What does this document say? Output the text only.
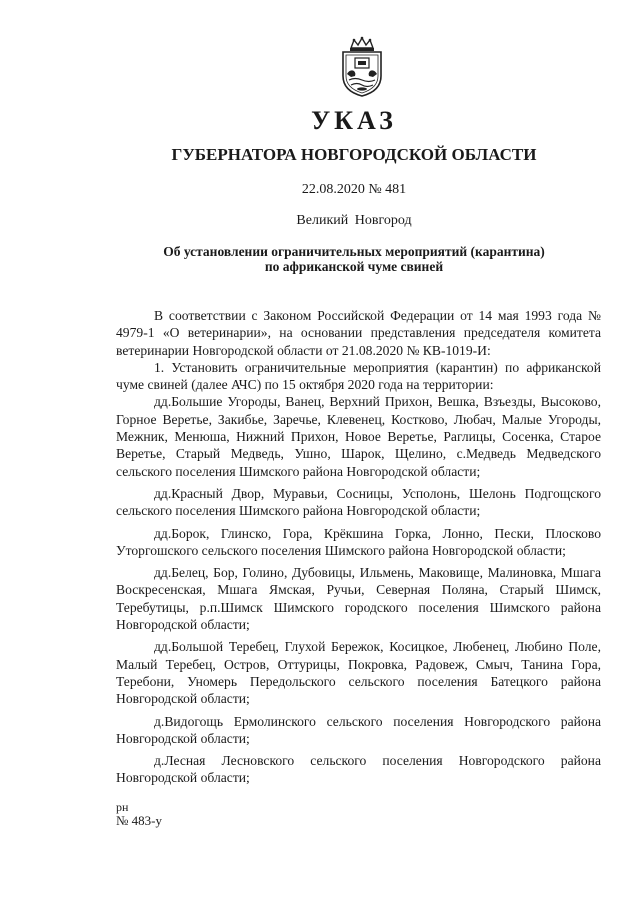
УКАЗ
ГУБЕРНАТОРА НОВГОРОДСКОЙ ОБЛАСТИ
22.08.2020 № 481
Великий Новгород
Об установлении ограничительных мероприятий (карантина)
по африканской чуме свиней

В соответствии с Законом Российской Федерации от 14 мая 1993 года № 4979-1 «О ветеринарии», на основании представления председателя комитета ветеринарии Новгородской области от 21.08.2020 № КВ-1019-И:

1. Установить ограничительные мероприятия (карантин) по африканской чуме свиней (далее АЧС) по 15 октября 2020 года на территории:

дд.Большие Угороды, Ванец, Верхний Прихон, Вешка, Взъезды, Высоково, Горное Веретье, Закибье, Заречье, Клевенец, Костково, Любач, Малые Угороды, Межник, Менюша, Нижний Прихон, Новое Веретье, Раглицы, Сосенка, Старое Веретье, Старый Медведь, Ушно, Шарок, Щелино, с.Медведь Медведского сельского поселения Шимского района Новгородской области;

дд.Красный Двор, Муравьи, Сосницы, Усполонь, Шелонь Подгощского сельского поселения Шимского района Новгородской области;

дд.Борок, Глинско, Гора, Крёкшина Горка, Лонно, Пески, Плосково Уторгошского сельского поселения Шимского района Новгородской области;

дд.Белец, Бор, Голино, Дубовицы, Ильмень, Маковище, Малиновка, Мшага Воскресенская, Мшага Ямская, Ручьи, Северная Поляна, Старый Шимск, Теребутицы, р.п.Шимск Шимского городского поселения Шимского района Новгородской области;

дд.Большой Теребец, Глухой Бережок, Косицкое, Любенец, Любино Поле, Малый Теребец, Остров, Оттурицы, Покровка, Радовеж, Смыч, Танина Гора, Теребони, Уномерь Передольского сельского поселения Батецкого района Новгородской области;

д.Видогощь Ермолинского сельского поселения Новгородского района Новгородской области;

д.Лесная Лесновского сельского поселения Новгородского района Новгородской области;

рн
№ 483-у
